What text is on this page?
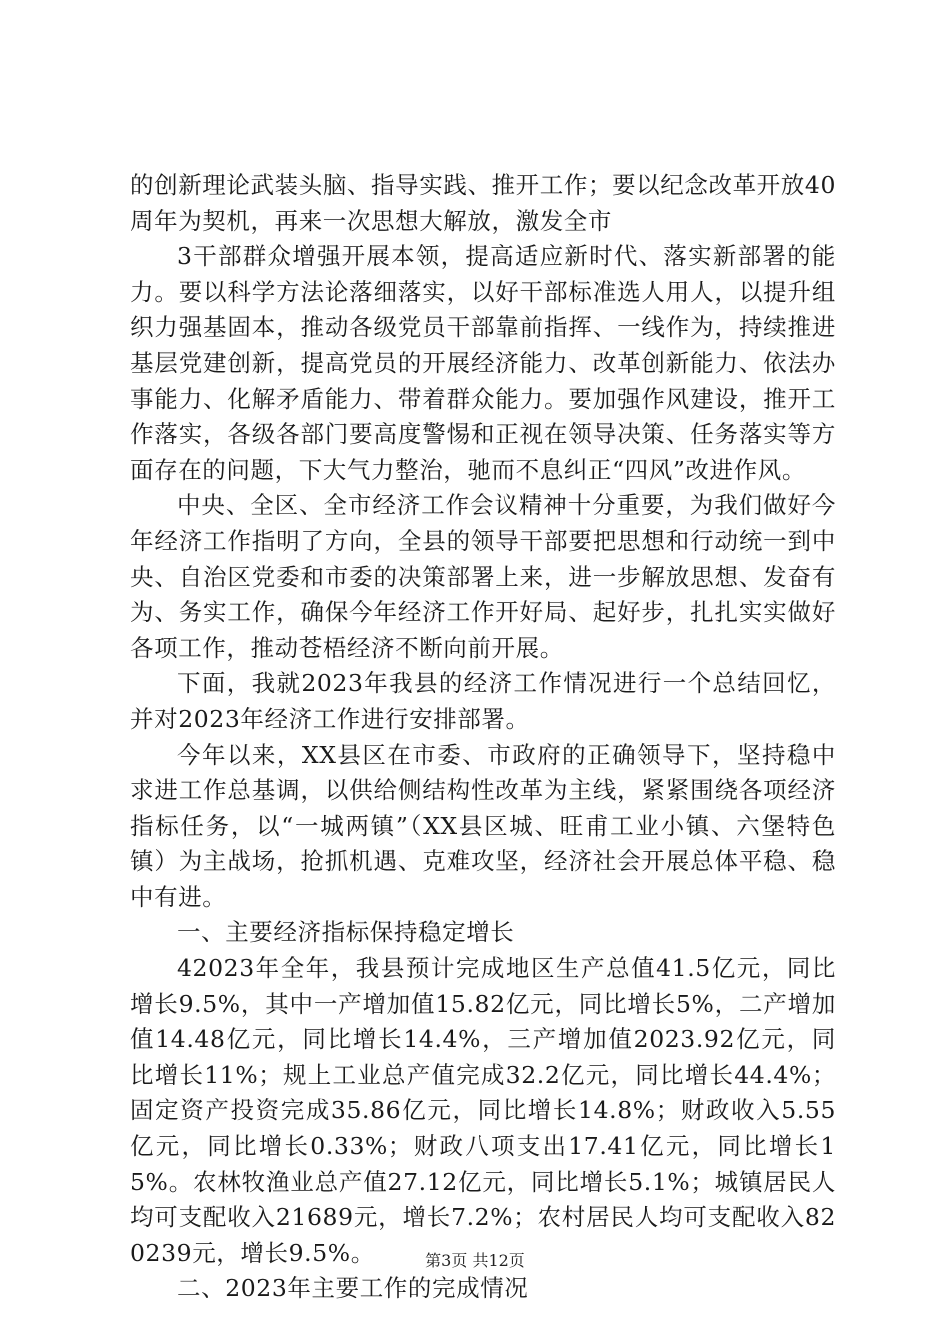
的创新理论武装头脑、指导实践、推开工作；要以纪念改革开放40周年为契机，再来一次思想大解放，激发全市

3干部群众增强开展本领，提高适应新时代、落实新部署的能力。要以科学方法论落细落实，以好干部标准选人用人，以提升组织力强基固本，推动各级党员干部靠前指挥、一线作为，持续推进基层党建创新，提高党员的开展经济能力、改革创新能力、依法办事能力、化解矛盾能力、带着群众能力。要加强作风建设，推开工作落实，各级各部门要高度警惕和正视在领导决策、任务落实等方面存在的问题，下大气力整治，驰而不息纠正“四风”改进作风。

中央、全区、全市经济工作会议精神十分重要，为我们做好今年经济工作指明了方向，全县的领导干部要把思想和行动统一到中央、自治区党委和市委的决策部署上来，进一步解放思想、发奋有为、务实工作，确保今年经济工作开好局、起好步，扎扎实实做好各项工作，推动苍梧经济不断向前开展。

下面，我就2023年我县的经济工作情况进行一个总结回忆，并对2023年经济工作进行安排部署。

今年以来，XX县区在市委、市政府的正确领导下，坚持稳中求进工作总基调，以供给侧结构性改革为主线，紧紧围绕各项经济指标任务，以“一城两镇”（XX县区城、旺甫工业小镇、六堡特色镇）为主战场，抢抓机遇、克难攻坚，经济社会开展总体平稳、稳中有进。

一、主要经济指标保持稳定增长

42023年全年，我县预计完成地区生产总值41.5亿元，同比增长9.5%，其中一产增加值15.82亿元，同比增长5%，二产增加值14.48亿元，同比增长14.4%，三产增加值2023.92亿元，同比增长11%；规上工业总产值完成32.2亿元，同比增长44.4%；固定资产投资完成35.86亿元，同比增长14.8%；财政收入5.55亿元，同比增长0.33%；财政八项支出17.41亿元，同比增长15%。农林牧渔业总产值27.12亿元，同比增长5.1%；城镇居民人均可支配收入21689元，增长7.2%；农村居民人均可支配收入820239元，增长9.5%。

二、2023年主要工作的完成情况

第3页 共12页
